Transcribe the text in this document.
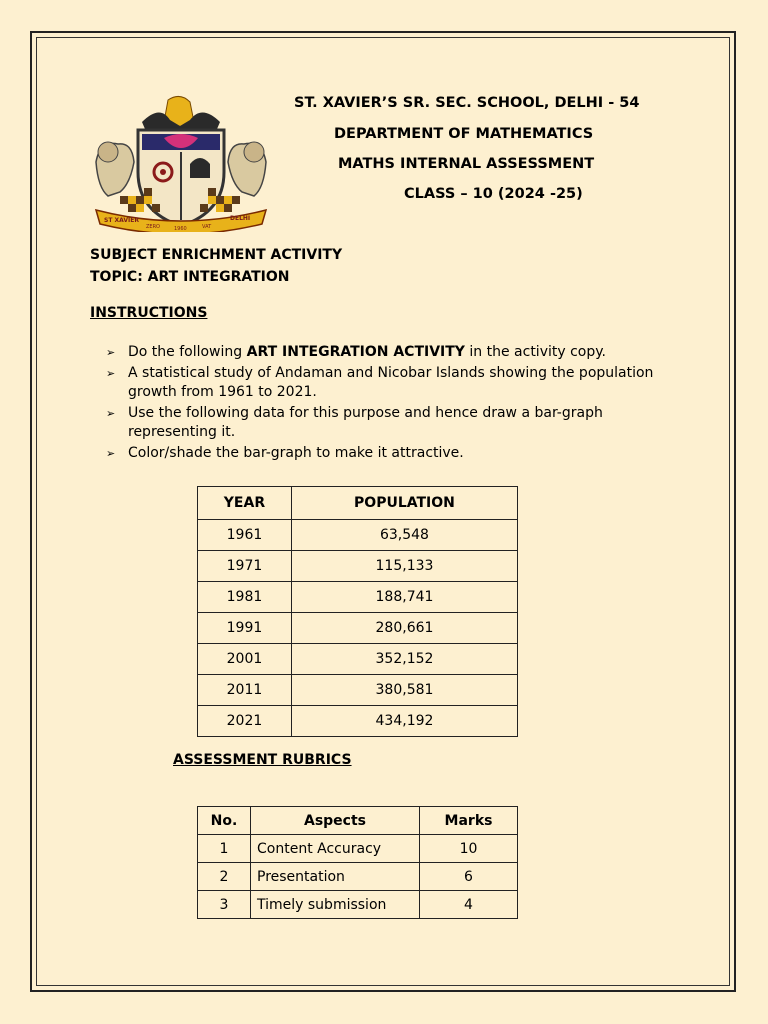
ST XAVIER
ZERO	1960	VAT
DELHI
ST. XAVIER’S SR. SEC. SCHOOL, DELHI - 54
DEPARTMENT OF MATHEMATICS
MATHS INTERNAL ASSESSMENT
CLASS – 10 (2024 -25)
SUBJECT ENRICHMENT ACTIVITY
TOPIC: ART INTEGRATION
INSTRUCTIONS
➢ Do the following ART INTEGRATION ACTIVITY in the activity copy.
➢ A statistical study of Andaman and Nicobar Islands showing the population growth from 1961 to 2021.
➢ Use the following data for this purpose and hence draw a bar-graph representing it.
➢ Color/shade the bar-graph to make it attractive.
YEAR	POPULATION
1961	63,548
1971	115,133
1981	188,741
1991	280,661
2001	352,152
2011	380,581
2021	434,192
ASSESSMENT RUBRICS
No.	Aspects	Marks
1	Content Accuracy	10
2	Presentation	6
3	Timely submission	4
